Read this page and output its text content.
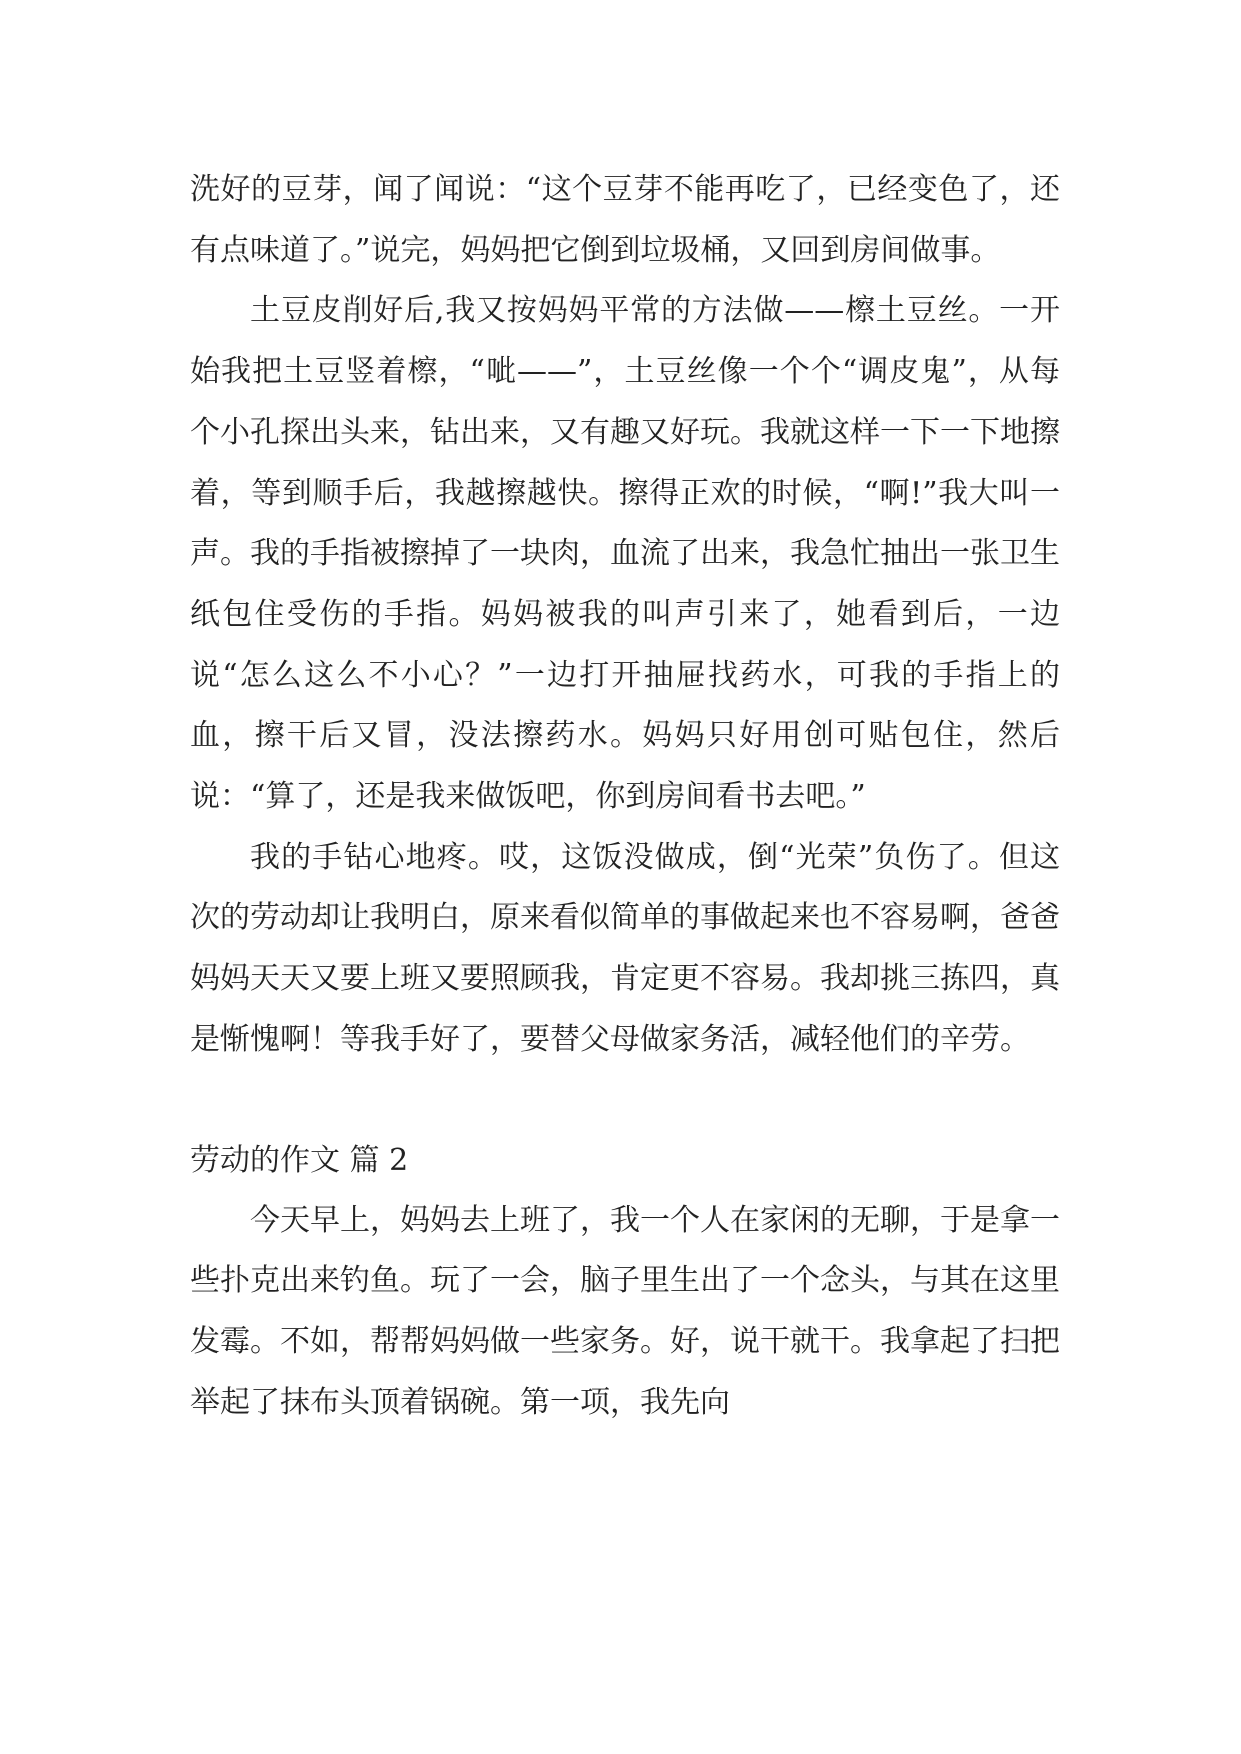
洗好的豆芽，闻了闻说：“这个豆芽不能再吃了，已经变色了，还有点味道了。”说完，妈妈把它倒到垃圾桶，又回到房间做事。

土豆皮削好后,我又按妈妈平常的方法做——檫土豆丝。一开始我把土豆竖着檫，“呲——”，土豆丝像一个个“调皮鬼”，从每个小孔探出头来，钻出来，又有趣又好玩。我就这样一下一下地擦着，等到顺手后，我越擦越快。擦得正欢的时候，“啊!”我大叫一声。我的手指被擦掉了一块肉，血流了出来，我急忙抽出一张卫生纸包住受伤的手指。妈妈被我的叫声引来了，她看到后，一边说“怎么这么不小心？”一边打开抽屉找药水，可我的手指上的血，擦干后又冒，没法擦药水。妈妈只好用创可贴包住，然后说：“算了，还是我来做饭吧，你到房间看书去吧。”

我的手钻心地疼。哎，这饭没做成，倒“光荣”负伤了。但这次的劳动却让我明白，原来看似简单的事做起来也不容易啊，爸爸妈妈天天又要上班又要照顾我，肯定更不容易。我却挑三拣四，真是惭愧啊！等我手好了，要替父母做家务活，减轻他们的辛劳。

劳动的作文 篇 2

今天早上，妈妈去上班了，我一个人在家闲的无聊，于是拿一些扑克出来钓鱼。玩了一会，脑子里生出了一个念头，与其在这里发霉。不如，帮帮妈妈做一些家务。好，说干就干。我拿起了扫把举起了抹布头顶着锅碗。第一项，我先向
